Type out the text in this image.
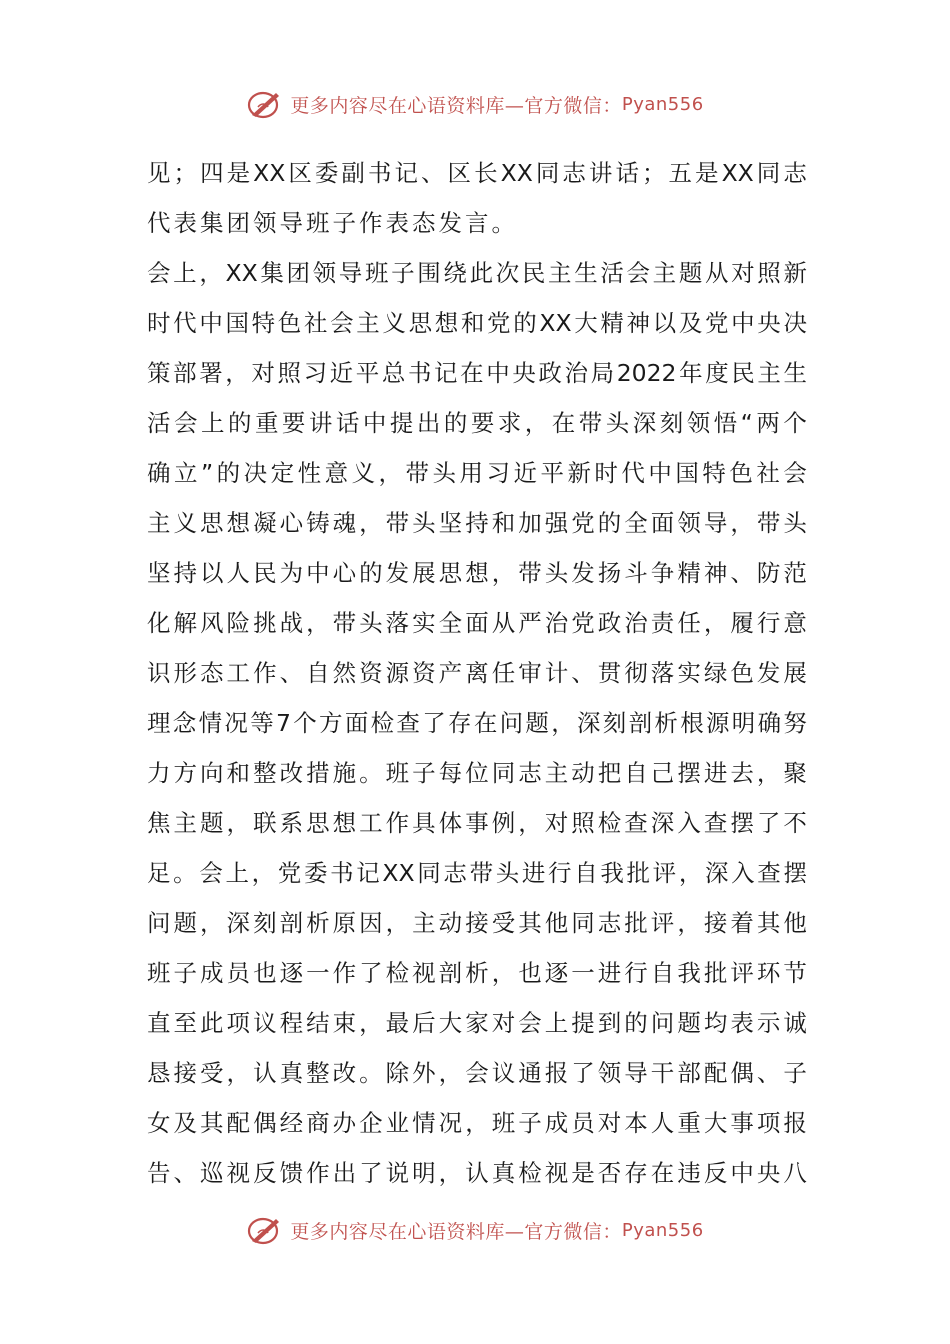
更多内容尽在心语资料库—官方微信： Pyan556
见 ； 四 是 XX 区 委 副 书 记 、 区 长 XX 同 志 讲 话 ； 五 是 XX 同 志
代表集团领导班子作表态发言。
会 上 ， XX 集 团 领 导 班 子 围 绕 此 次 民 主 生 活 会 主 题 从 对 照 新
时 代 中 国 特 色 社 会 主 义 思 想 和 党 的 XX 大 精 神 以 及 党 中 央 决
策 部 署 ， 对 照 习 近 平 总 书 记 在 中 央 政 治 局 2022 年 度 民 主 生
活 会 上 的 重 要 讲 话 中 提 出 的 要 求 ， 在 带 头 深 刻 领 悟 “ 两 个
确 立 ” 的 决 定 性 意 义 ， 带 头 用 习 近 平 新 时 代 中 国 特 色 社 会
主 义 思 想 凝 心 铸 魂 ， 带 头 坚 持 和 加 强 党 的 全 面 领 导 ， 带 头
坚 持 以 人 民 为 中 心 的 发 展 思 想 ， 带 头 发 扬 斗 争 精 神 、 防 范
化 解 风 险 挑 战 ， 带 头 落 实 全 面 从 严 治 党 政 治 责 任 ， 履 行 意
识 形 态 工 作 、 自 然 资 源 资 产 离 任 审 计 、 贯 彻 落 实 绿 色 发 展
理 念 情 况 等 7 个 方 面 检 查 了 存 在 问 题 ， 深 刻 剖 析 根 源 明 确 努
力 方 向 和 整 改 措 施 。 班 子 每 位 同 志 主 动 把 自 己 摆 进 去 ， 聚
焦 主 题 ， 联 系 思 想 工 作 具 体 事 例 ， 对 照 检 查 深 入 查 摆 了 不
足 。 会 上 ， 党 委 书 记 XX 同 志 带 头 进 行 自 我 批 评 ， 深 入 查 摆
问 题 ， 深 刻 剖 析 原 因 ， 主 动 接 受 其 他 同 志 批 评 ， 接 着 其 他
班 子 成 员 也 逐 一 作 了 检 视 剖 析 ， 也 逐 一 进 行 自 我 批 评 环 节
直 至 此 项 议 程 结 束 ， 最 后 大 家 对 会 上 提 到 的 问 题 均 表 示 诚
恳 接 受 ， 认 真 整 改 。 除 外 ， 会 议 通 报 了 领 导 干 部 配 偶 、 子
女 及 其 配 偶 经 商 办 企 业 情 况 ， 班 子 成 员 对 本 人 重 大 事 项 报
告 、 巡 视 反 馈 作 出 了 说 明 ， 认 真 检 视 是 否 存 在 违 反 中 央 八
更多内容尽在心语资料库—官方微信： Pyan556
